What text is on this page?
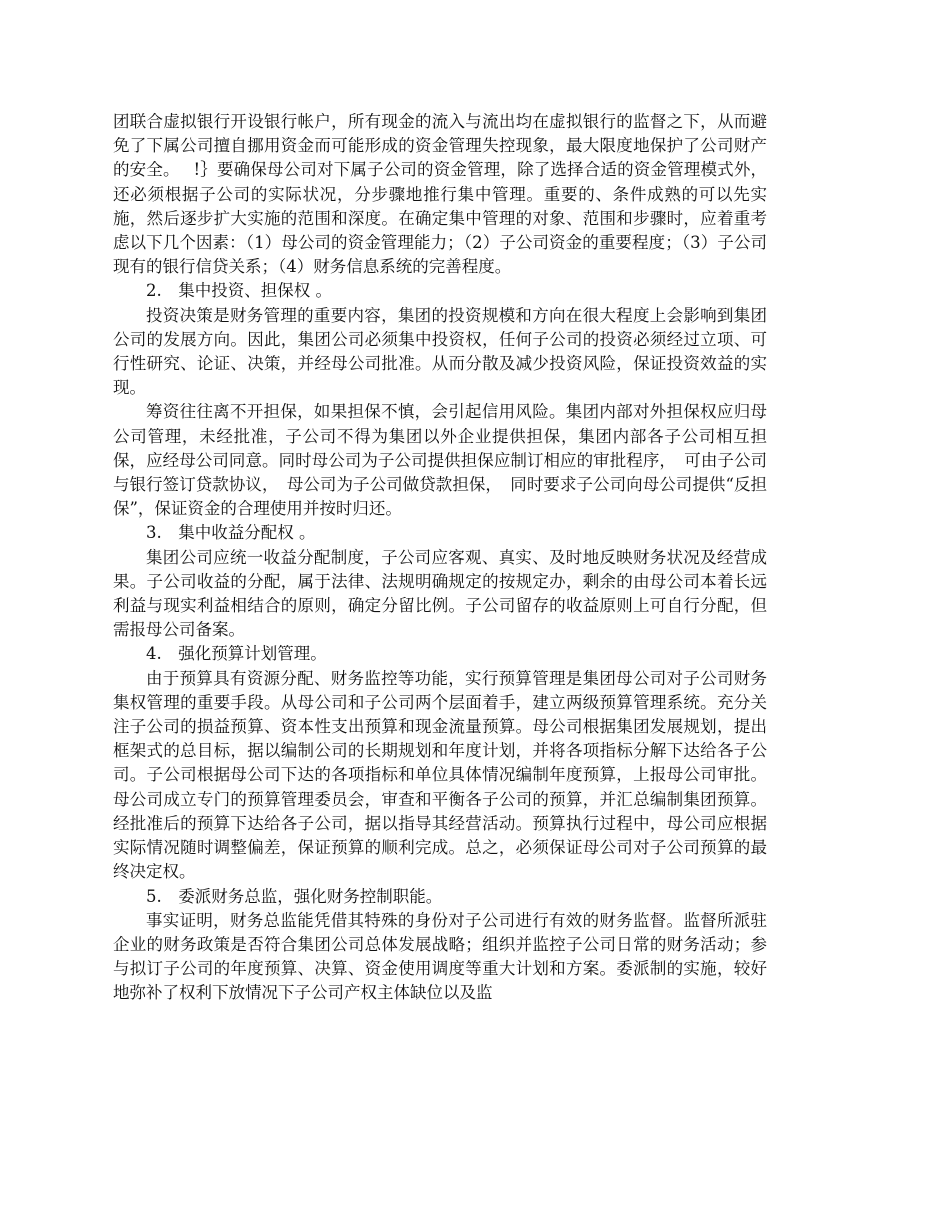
团联合虚拟银行开设银行帐户，所有现金的流入与流出均在虚拟银行的监督之下，从而避免了下属公司擅自挪用资金而可能形成的资金管理失控现象，最大限度地保护了公司财产的安全。　 !｝要确保母公司对下属子公司的资金管理，除了选择合适的资金管理模式外，还必须根据子公司的实际状况，分步骤地推行集中管理。重要的、条件成熟的可以先实施，然后逐步扩大实施的范围和深度。在确定集中管理的对象、范围和步骤时，应着重考虑以下几个因素：（1）母公司的资金管理能力；（2）子公司资金的重要程度；（3）子公司现有的银行信贷关系；（4）财务信息系统的完善程度。

2.　集中投资、担保权 。

投资决策是财务管理的重要内容，集团的投资规模和方向在很大程度上会影响到集团公司的发展方向。因此，集团公司必须集中投资权，任何子公司的投资必须经过立项、可行性研究、论证、决策，并经母公司批准。从而分散及减少投资风险，保证投资效益的实现。

筹资往往离不开担保，如果担保不慎，会引起信用风险。集团内部对外担保权应归母公司管理，未经批准，子公司不得为集团以外企业提供担保，集团内部各子公司相互担保，应经母公司同意。同时母公司为子公司提供担保应制订相应的审批程序，　可由子公司与银行签订贷款协议，　母公司为子公司做贷款担保，　同时要求子公司向母公司提供“反担保”，保证资金的合理使用并按时归还。

3.　集中收益分配权 。

集团公司应统一收益分配制度，子公司应客观、真实、及时地反映财务状况及经营成果。子公司收益的分配，属于法律、法规明确规定的按规定办，剩余的由母公司本着长远利益与现实利益相结合的原则，确定分留比例。子公司留存的收益原则上可自行分配，但需报母公司备案。

4.　强化预算计划管理。

由于预算具有资源分配、财务监控等功能，实行预算管理是集团母公司对子公司财务集权管理的重要手段。从母公司和子公司两个层面着手，建立两级预算管理系统。充分关注子公司的损益预算、资本性支出预算和现金流量预算。母公司根据集团发展规划，提出框架式的总目标，据以编制公司的长期规划和年度计划，并将各项指标分解下达给各子公司。子公司根据母公司下达的各项指标和单位具体情况编制年度预算，上报母公司审批。母公司成立专门的预算管理委员会，审查和平衡各子公司的预算，并汇总编制集团预算。经批准后的预算下达给各子公司，据以指导其经营活动。预算执行过程中，母公司应根据实际情况随时调整偏差，保证预算的顺利完成。总之，必须保证母公司对子公司预算的最终决定权。

5.　委派财务总监，强化财务控制职能。

事实证明，财务总监能凭借其特殊的身份对子公司进行有效的财务监督。监督所派驻企业的财务政策是否符合集团公司总体发展战略；组织并监控子公司日常的财务活动；参与拟订子公司的年度预算、决算、资金使用调度等重大计划和方案。委派制的实施，较好地弥补了权利下放情况下子公司产权主体缺位以及监
